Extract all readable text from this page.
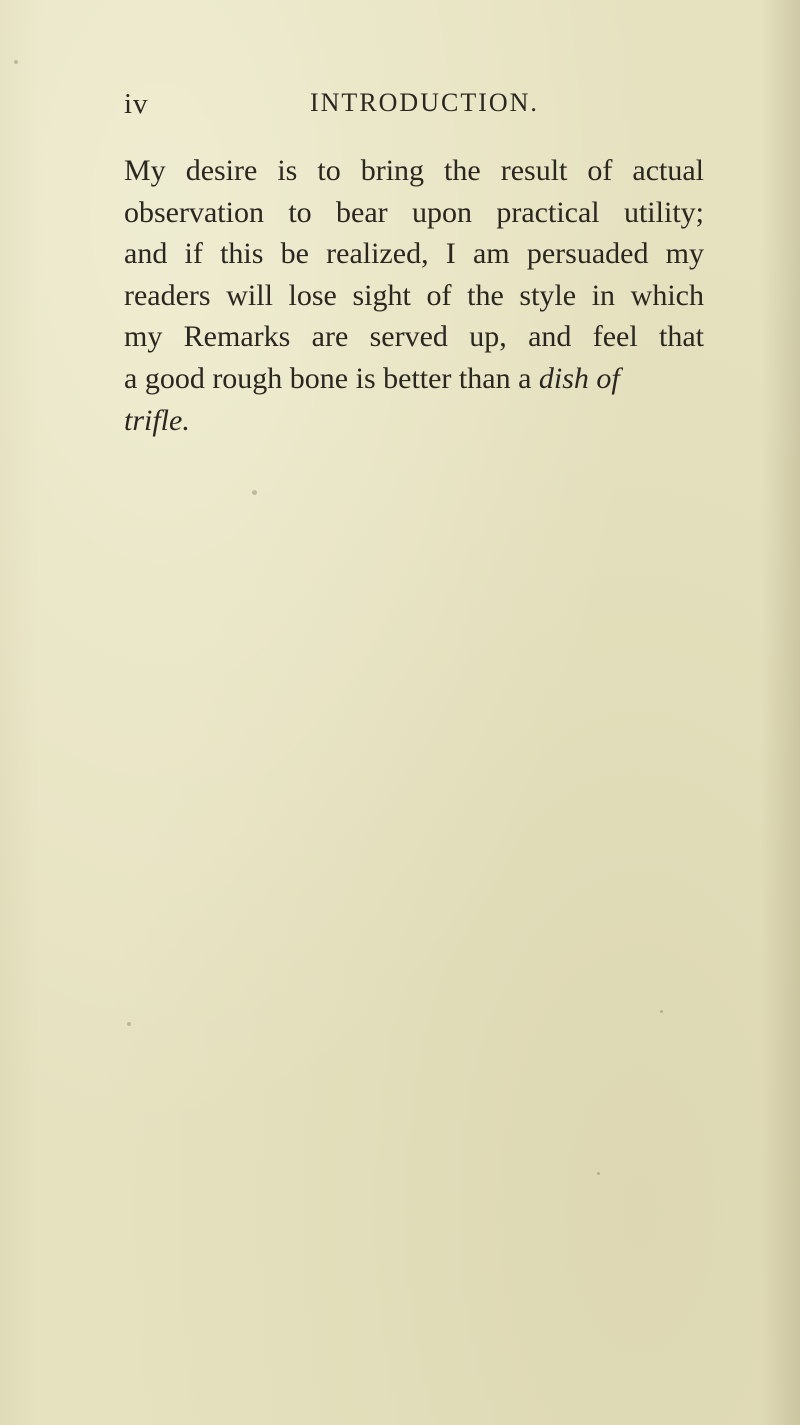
iv	INTRODUCTION.

My desire is to bring the result of actual
observation to bear upon practical utility;
and if this be realized, I am persuaded my
readers will lose sight of the style in which
my Remarks are served up, and feel that
a good rough bone is better than a dish of
trifle.
